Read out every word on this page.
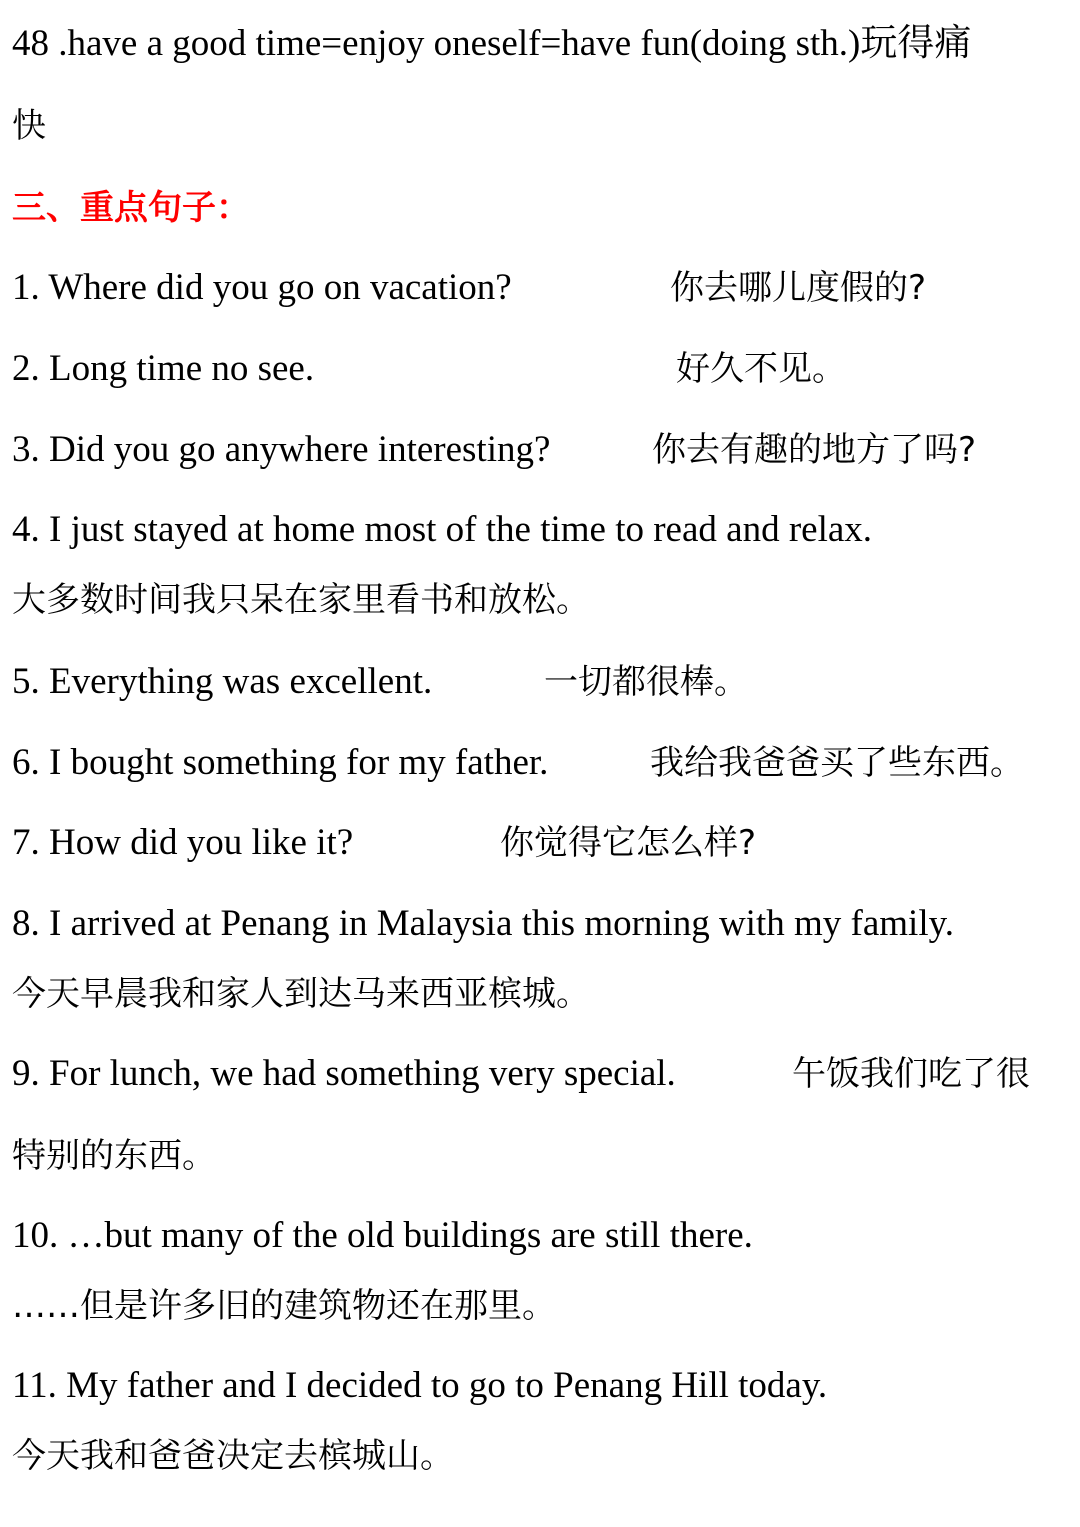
48 .have a good time=enjoy oneself=have fun(doing sth.)玩得痛
快
三、重点句子：
1. Where did you go on vacation?	你去哪儿度假的?
2. Long time no see.	好久不见。
3. Did you go anywhere interesting?	你去有趣的地方了吗?
4. I just stayed at home most of the time to read and relax.
大多数时间我只呆在家里看书和放松。
5. Everything was excellent.	一切都很棒。
6. I bought something for my father.	我给我爸爸买了些东西。
7. How did you like it?	你觉得它怎么样?
8. I arrived at Penang in Malaysia this morning with my family.
今天早晨我和家人到达马来西亚槟城。
9. For lunch, we had something very special.	午饭我们吃了很
特别的东西。
10. …but many of the old buildings are still there.
……但是许多旧的建筑物还在那里。
11. My father and I decided to go to Penang Hill today.
今天我和爸爸决定去槟城山。
